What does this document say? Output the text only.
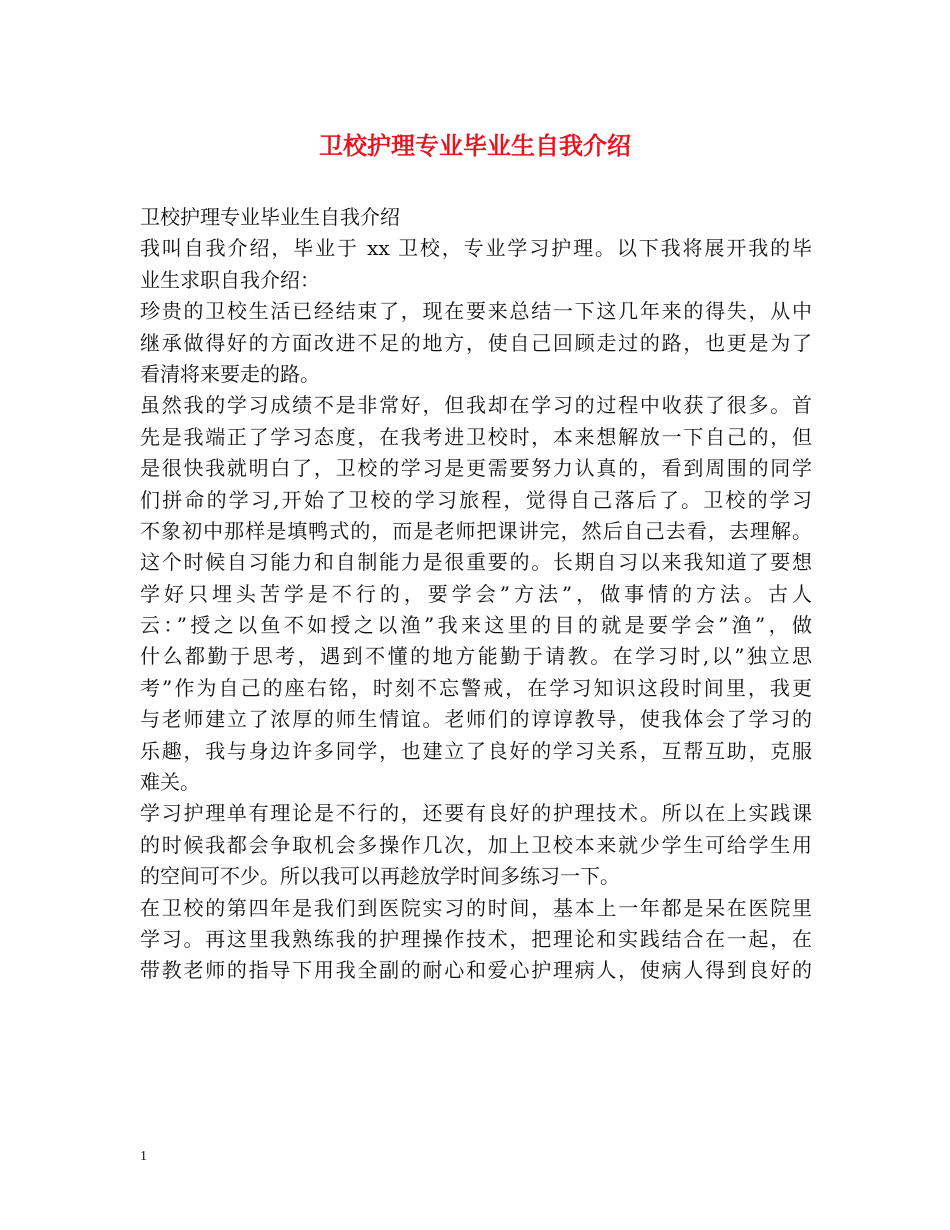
卫校护理专业毕业生自我介绍
卫校护理专业毕业生自我介绍
我叫自我介绍，毕业于 xx 卫校，专业学习护理。以下我将展开我的毕
业生求职自我介绍：
珍贵的卫校生活已经结束了，现在要来总结一下这几年来的得失，从中
继承做得好的方面改进不足的地方，使自己回顾走过的路，也更是为了
看清将来要走的路。
虽然我的学习成绩不是非常好，但我却在学习的过程中收获了很多。首
先是我端正了学习态度，在我考进卫校时，本来想解放一下自己的，但
是很快我就明白了，卫校的学习是更需要努力认真的，看到周围的同学
们拼命的学习,开始了卫校的学习旅程，觉得自己落后了。卫校的学习
不象初中那样是填鸭式的，而是老师把课讲完，然后自己去看，去理解。
这个时候自习能力和自制能力是很重要的。长期自习以来我知道了要想
学好只埋头苦学是不行的，要学会”方法”，做事情的方法。古人
云：”授之以鱼不如授之以渔”我来这里的目的就是要学会”渔”，做
什么都勤于思考，遇到不懂的地方能勤于请教。在学习时,以”独立思
考”作为自己的座右铭，时刻不忘警戒，在学习知识这段时间里，我更
与老师建立了浓厚的师生情谊。老师们的谆谆教导，使我体会了学习的
乐趣，我与身边许多同学，也建立了良好的学习关系，互帮互助，克服
难关。
学习护理单有理论是不行的，还要有良好的护理技术。所以在上实践课
的时候我都会争取机会多操作几次，加上卫校本来就少学生可给学生用
的空间可不少。所以我可以再趁放学时间多练习一下。
在卫校的第四年是我们到医院实习的时间，基本上一年都是呆在医院里
学习。再这里我熟练我的护理操作技术，把理论和实践结合在一起，在
带教老师的指导下用我全副的耐心和爱心护理病人，使病人得到良好的
1
